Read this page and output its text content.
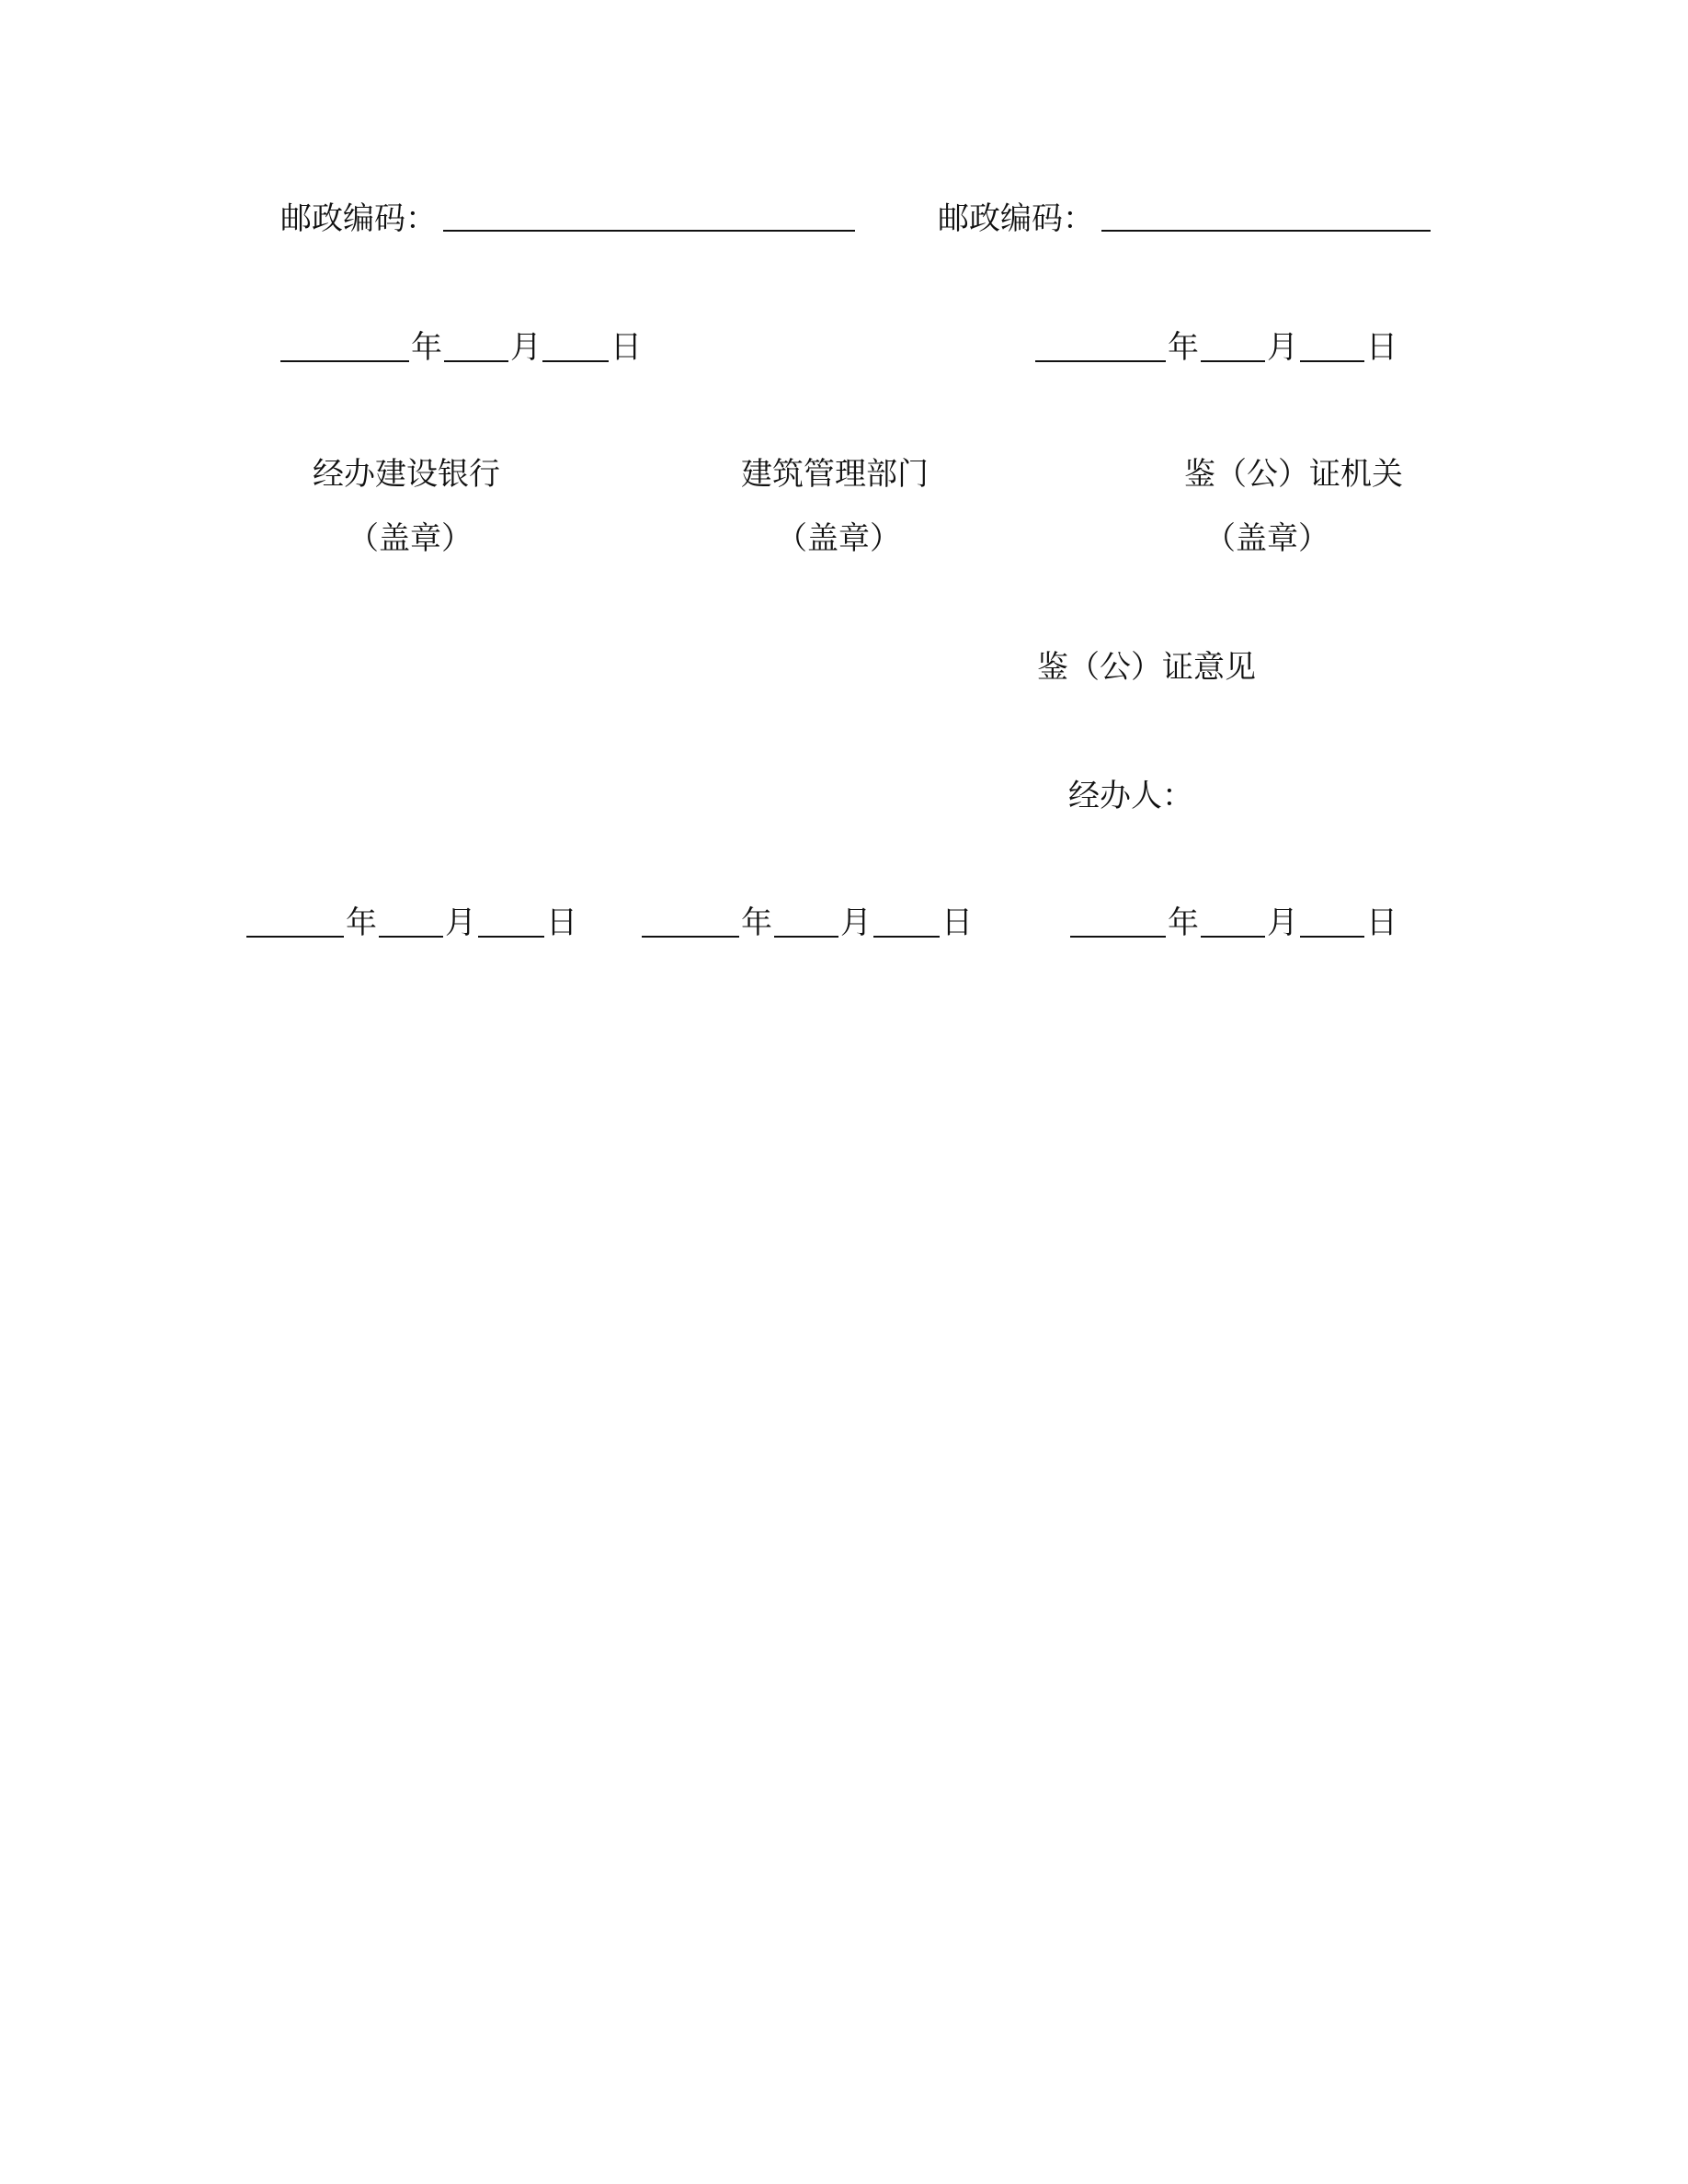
邮政编码：	邮政编码：
年 月 日	年 月 日
经办建设银行
（盖章）
建筑管理部门
（盖章）
鉴（公）证机关
（盖章）
鉴（公）证意见
经办人：
年 月 日	年 月 日	年 月 日
